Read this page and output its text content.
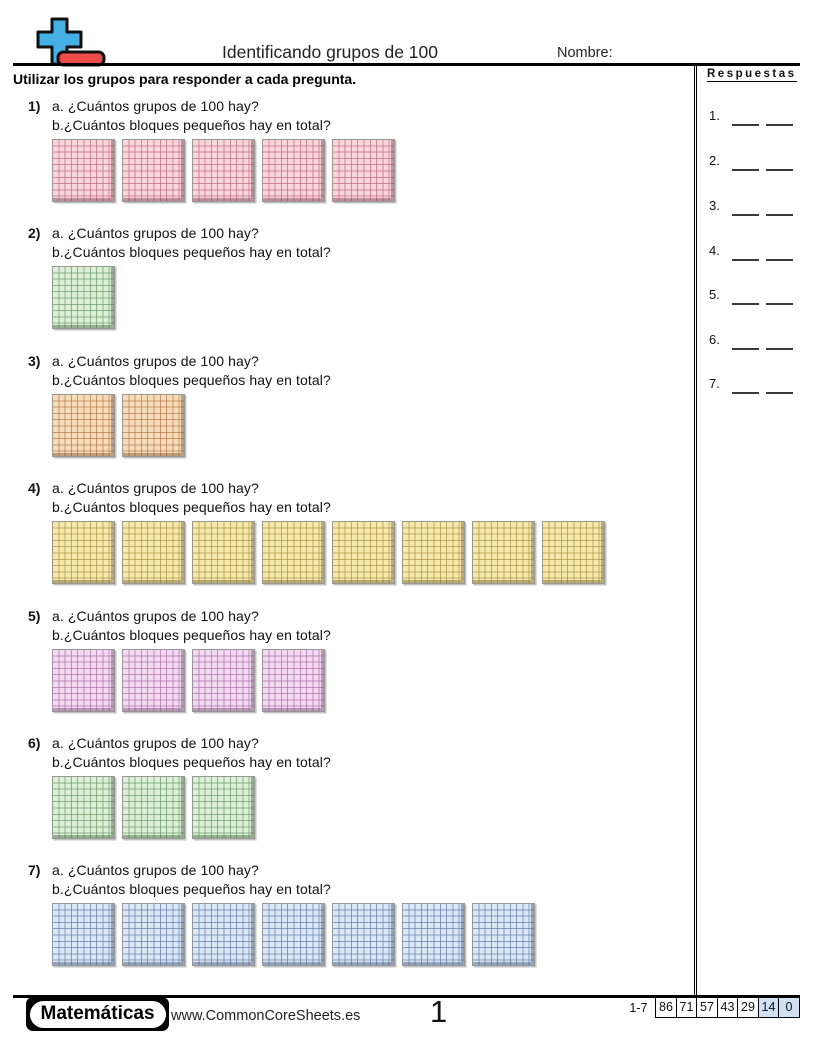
Identificando grupos de 100	Nombre:
Utilizar los grupos para responder a cada pregunta.
1) a. ¿Cuántos grupos de 100 hay?
b.¿Cuántos bloques pequeños hay en total?
2) a. ¿Cuántos grupos de 100 hay?
b.¿Cuántos bloques pequeños hay en total?
3) a. ¿Cuántos grupos de 100 hay?
b.¿Cuántos bloques pequeños hay en total?
4) a. ¿Cuántos grupos de 100 hay?
b.¿Cuántos bloques pequeños hay en total?
5) a. ¿Cuántos grupos de 100 hay?
b.¿Cuántos bloques pequeños hay en total?
6) a. ¿Cuántos grupos de 100 hay?
b.¿Cuántos bloques pequeños hay en total?
7) a. ¿Cuántos grupos de 100 hay?
b.¿Cuántos bloques pequeños hay en total?
Respuestas
1.
2.
3.
4.
5.
6.
7.
Matemáticas	www.CommonCoreSheets.es 1	1-7 86 71 57 43 29 14 0
